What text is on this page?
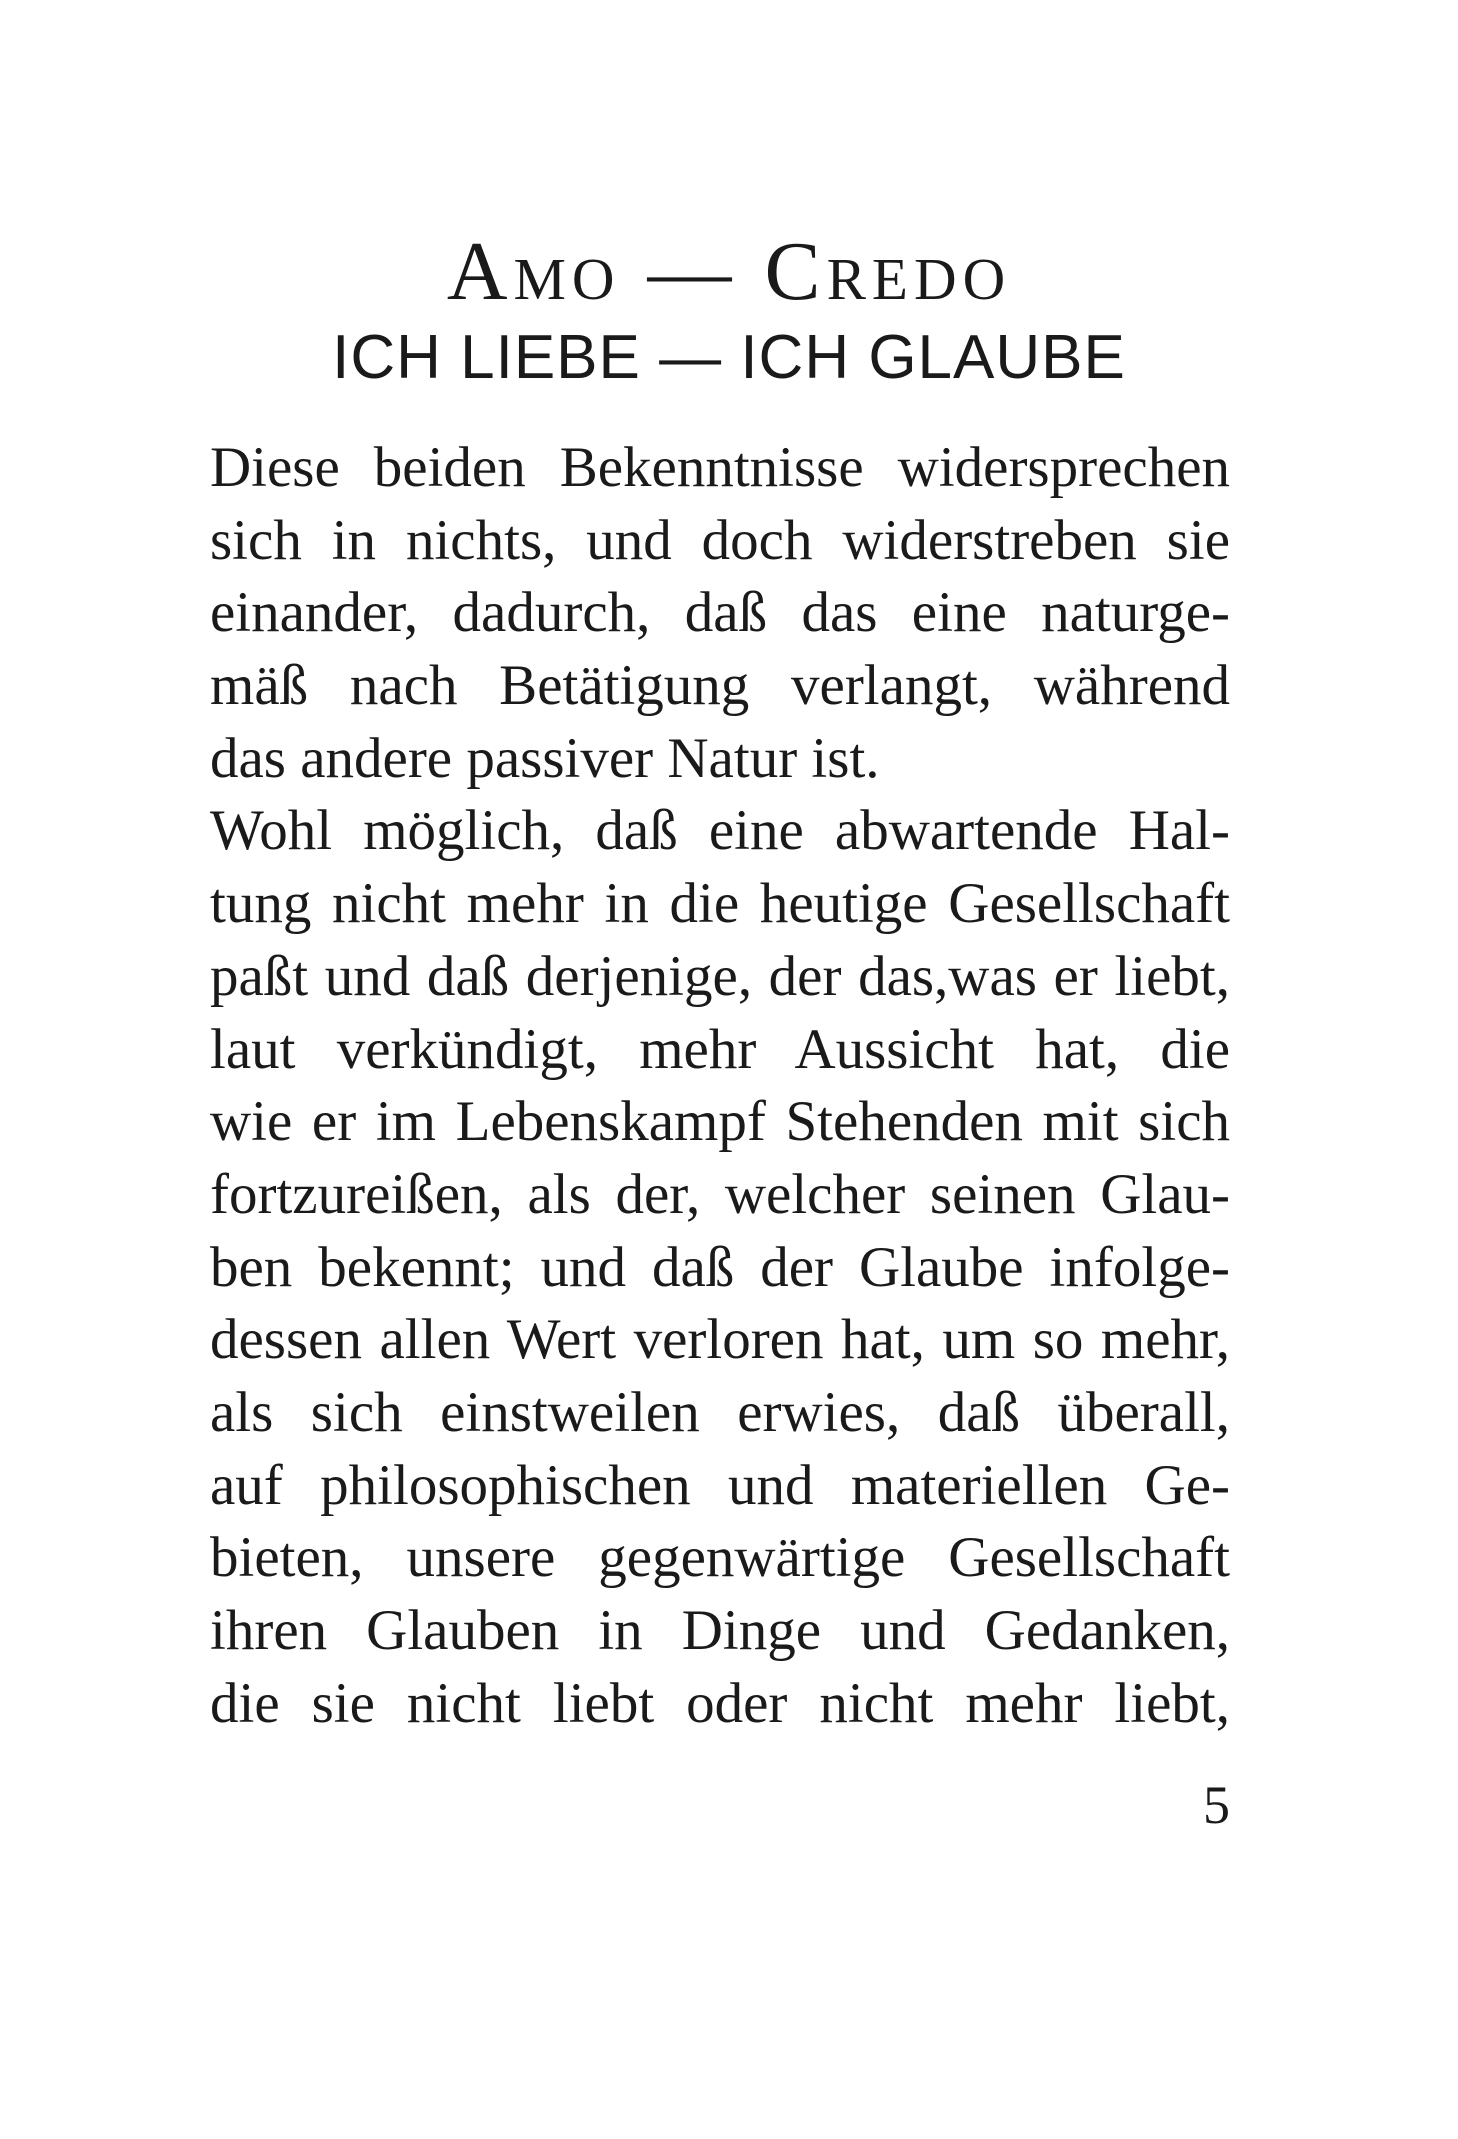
Amo — Credo
ICH LIEBE — ICH GLAUBE
Diese beiden Bekenntnisse widersprechen
sich in nichts, und doch widerstreben sie
einander, dadurch, daß das eine naturge-
mäß nach Betätigung verlangt, während
das andere passiver Natur ist.
Wohl möglich, daß eine abwartende Hal-
tung nicht mehr in die heutige Gesellschaft
paßt und daß derjenige, der das,was er liebt,
laut verkündigt, mehr Aussicht hat, die
wie er im Lebenskampf Stehenden mit sich
fortzureißen, als der, welcher seinen Glau-
ben bekennt; und daß der Glaube infolge-
dessen allen Wert verloren hat, um so mehr,
als sich einstweilen erwies, daß überall,
auf philosophischen und materiellen Ge-
bieten, unsere gegenwärtige Gesellschaft
ihren Glauben in Dinge und Gedanken,
die sie nicht liebt oder nicht mehr liebt,
5
